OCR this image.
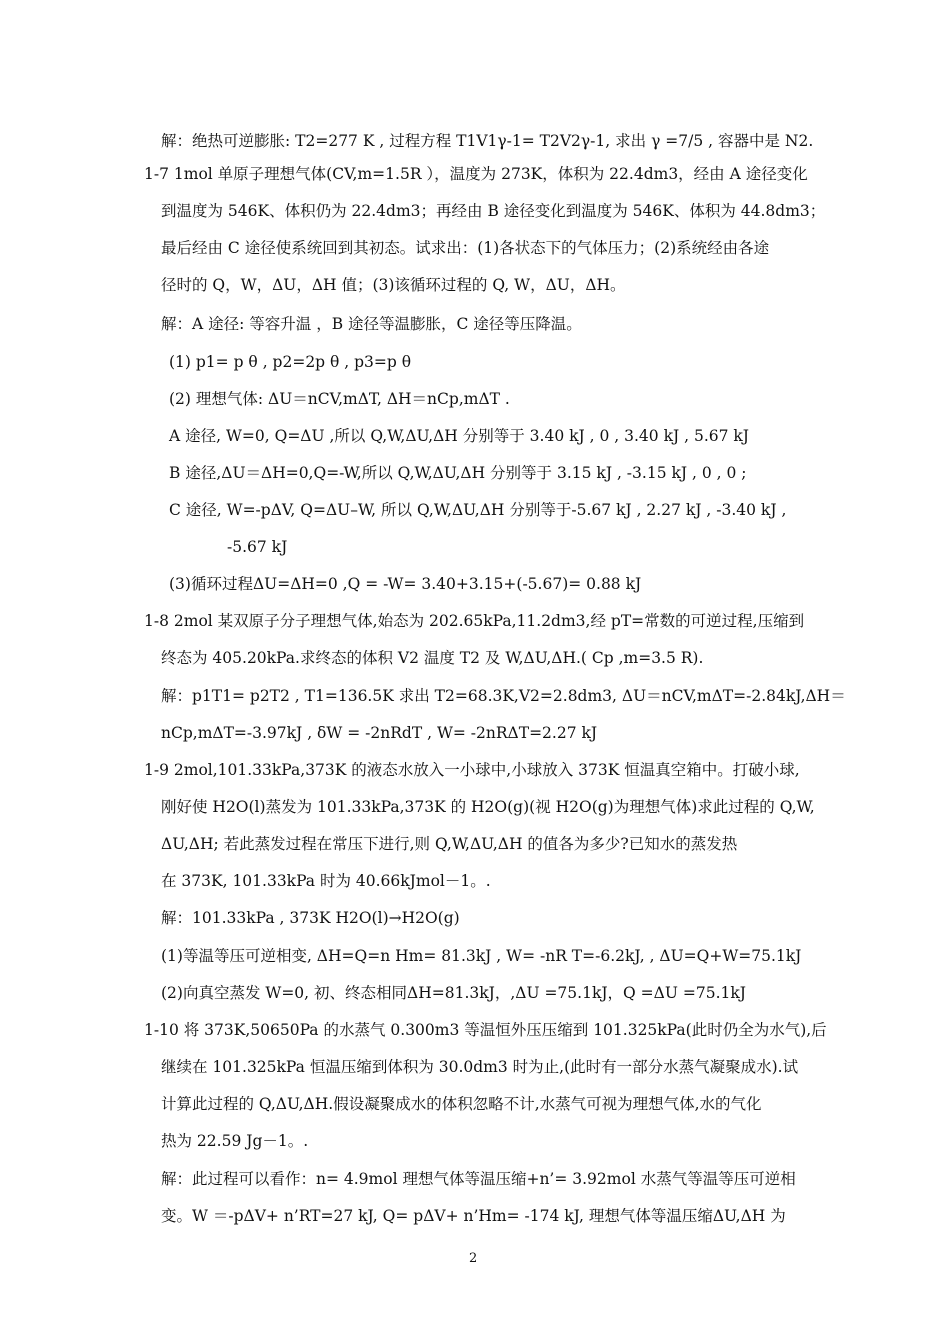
解：绝热可逆膨胀: T2=277 K , 过程方程 T1V1γ-1= T2V2γ-1, 求出 γ =7/5 , 容器中是 N2.
1-7 1mol 单原子理想气体(CV,m=1.5R ），温度为 273K，体积为 22.4dm3，经由 A 途径变化
到温度为 546K、体积仍为 22.4dm3；再经由 B 途径变化到温度为 546K、体积为 44.8dm3；
最后经由 C 途径使系统回到其初态。试求出：(1)各状态下的气体压力；(2)系统经由各途
径时的 Q，W，ΔU，ΔH 值；(3)该循环过程的 Q, W，ΔU，ΔH。
解：A 途径: 等容升温 ，B 途径等温膨胀，C 途径等压降温。
(1) p1= p θ , p2=2p θ , p3=p θ
(2) 理想气体: ΔU＝nCV,mΔT, ΔH＝nCp,mΔT .
A 途径, W=0, Q=ΔU ,所以 Q,W,ΔU,ΔH 分别等于 3.40 kJ , 0 , 3.40 kJ , 5.67 kJ
B 途径,ΔU＝ΔH=0,Q=-W,所以 Q,W,ΔU,ΔH 分别等于 3.15 kJ , -3.15 kJ , 0 , 0 ;
C 途径, W=-pΔV, Q=ΔU–W, 所以 Q,W,ΔU,ΔH 分别等于-5.67 kJ , 2.27 kJ , -3.40 kJ ,
-5.67 kJ
(3)循环过程ΔU=ΔH=0 ,Q = -W= 3.40+3.15+(-5.67)= 0.88 kJ
1-8 2mol 某双原子分子理想气体,始态为 202.65kPa,11.2dm3,经 pT=常数的可逆过程,压缩到
终态为 405.20kPa.求终态的体积 V2 温度 T2 及 W,ΔU,ΔH.( Cp ,m=3.5 R).
解：p1T1= p2T2 , T1=136.5K 求出 T2=68.3K,V2=2.8dm3, ΔU＝nCV,mΔT=-2.84kJ,ΔH＝
nCp,mΔT=-3.97kJ , δW = -2nRdT , W= -2nRΔT=2.27 kJ
1-9 2mol,101.33kPa,373K 的液态水放入一小球中,小球放入 373K 恒温真空箱中。打破小球,
刚好使 H2O(l)蒸发为 101.33kPa,373K 的 H2O(g)(视 H2O(g)为理想气体)求此过程的 Q,W,
ΔU,ΔH; 若此蒸发过程在常压下进行,则 Q,W,ΔU,ΔH 的值各为多少?已知水的蒸发热
在 373K, 101.33kPa 时为 40.66kJmol－1。.
解：101.33kPa , 373K H2O(l)→H2O(g)
(1)等温等压可逆相变, ΔH=Q=n Hm= 81.3kJ , W= -nR T=-6.2kJ, , ΔU=Q+W=75.1kJ
(2)向真空蒸发 W=0, 初、终态相同ΔH=81.3kJ，,ΔU =75.1kJ，Q =ΔU =75.1kJ
1-10 将 373K,50650Pa 的水蒸气 0.300m3 等温恒外压压缩到 101.325kPa(此时仍全为水气),后
继续在 101.325kPa 恒温压缩到体积为 30.0dm3 时为止,(此时有一部分水蒸气凝聚成水).试
计算此过程的 Q,ΔU,ΔH.假设凝聚成水的体积忽略不计,水蒸气可视为理想气体,水的气化
热为 22.59 Jg－1。.
解：此过程可以看作：n= 4.9mol 理想气体等温压缩+n’= 3.92mol 水蒸气等温等压可逆相
变。W ＝-pΔV+ n’RT=27 kJ, Q= pΔV+ n’Hm= -174 kJ, 理想气体等温压缩ΔU,ΔH 为
2
